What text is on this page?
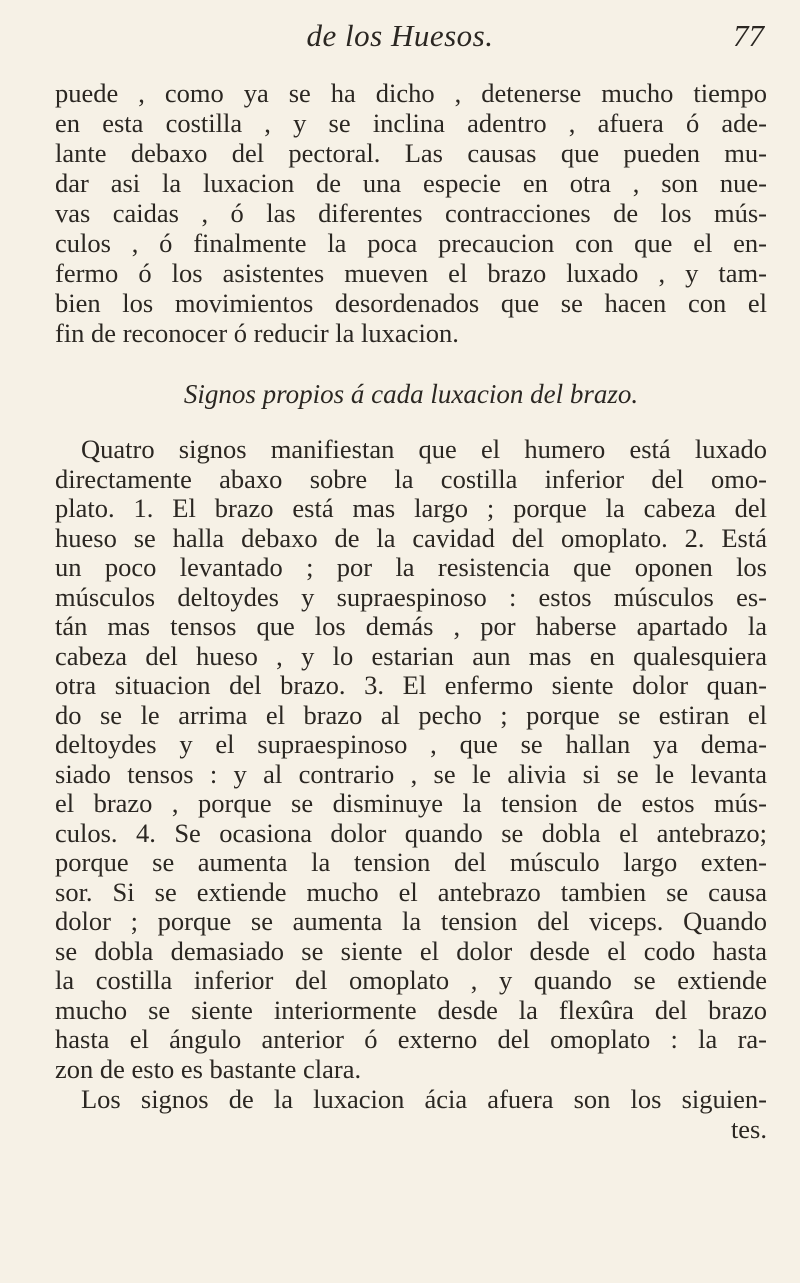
de los Huesos.	77
puede , como ya se ha dicho , detenerse mucho tiempo
en esta costilla , y se inclina adentro , afuera ó ade-
lante debaxo del pectoral. Las causas que pueden mu-
dar asi la luxacion de una especie en otra , son nue-
vas caidas , ó las diferentes contracciones de los mús-
culos , ó finalmente la poca precaucion con que el en-
fermo ó los asistentes mueven el brazo luxado , y tam-
bien los movimientos desordenados que se hacen con el
fin de reconocer ó reducir la luxacion.
Signos propios á cada luxacion del brazo.
Quatro signos manifiestan que el humero está luxado
directamente abaxo sobre la costilla inferior del omo-
plato. 1. El brazo está mas largo ; porque la cabeza del
hueso se halla debaxo de la cavidad del omoplato. 2. Está
un poco levantado ; por la resistencia que oponen los
músculos deltoydes y supraespinoso : estos músculos es-
tán mas tensos que los demás , por haberse apartado la
cabeza del hueso , y lo estarian aun mas en qualesquiera
otra situacion del brazo. 3. El enfermo siente dolor quan-
do se le arrima el brazo al pecho ; porque se estiran el
deltoydes y el supraespinoso , que se hallan ya dema-
siado tensos : y al contrario , se le alivia si se le levanta
el brazo , porque se disminuye la tension de estos mús-
culos. 4. Se ocasiona dolor quando se dobla el antebrazo;
porque se aumenta la tension del músculo largo exten-
sor. Si se extiende mucho el antebrazo tambien se causa
dolor ; porque se aumenta la tension del viceps. Quando
se dobla demasiado se siente el dolor desde el codo hasta
la costilla inferior del omoplato , y quando se extiende
mucho se siente interiormente desde la flexûra del brazo
hasta el ángulo anterior ó externo del omoplato : la ra-
zon de esto es bastante clara.
Los signos de la luxacion ácia afuera son los siguien-
tes.
